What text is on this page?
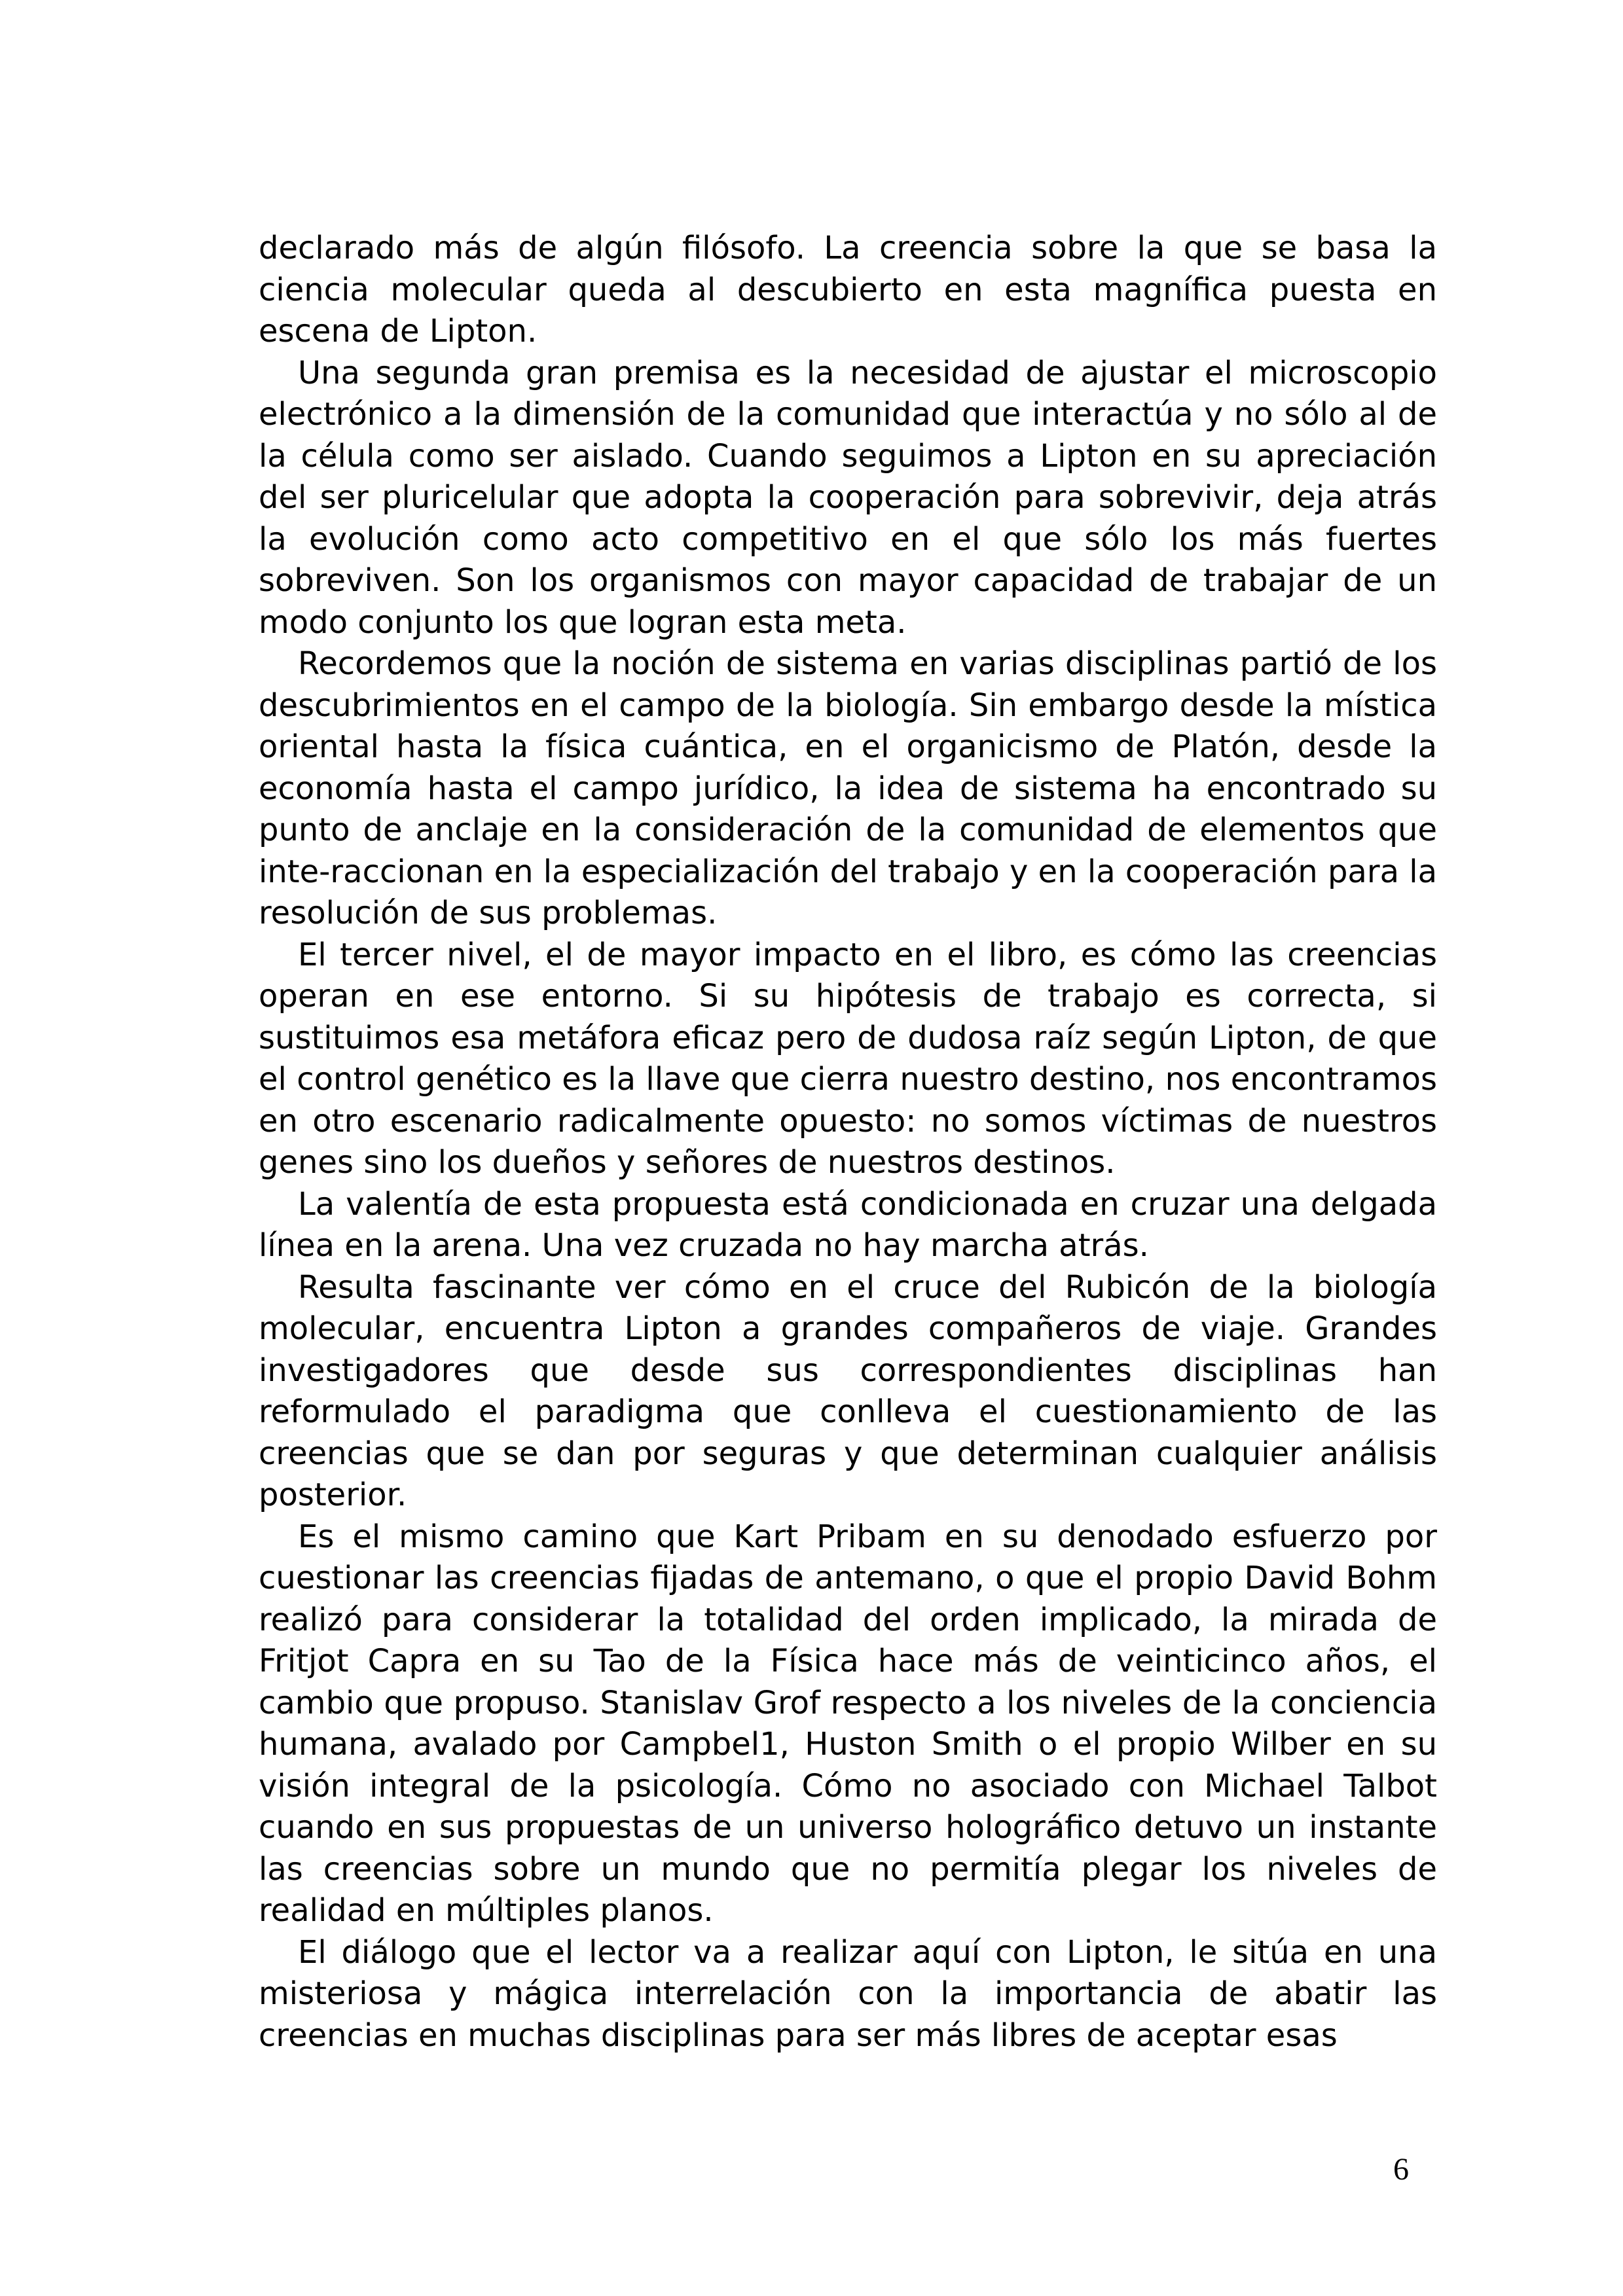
declarado más de algún filósofo. La creencia sobre la que se basa la ciencia molecular queda al descubierto en esta magnífica puesta en escena de Lipton.

Una segunda gran premisa es la necesidad de ajustar el microscopio electrónico a la dimensión de la comunidad que interactúa y no sólo al de la célula como ser aislado. Cuando seguimos a Lipton en su apreciación del ser pluricelular que adopta la cooperación para sobrevivir, deja atrás la evolución como acto competitivo en el que sólo los más fuertes sobreviven. Son los organismos con mayor capacidad de trabajar de un modo conjunto los que logran esta meta.

Recordemos que la noción de sistema en varias disciplinas partió de los descubrimientos en el campo de la biología. Sin embargo desde la mística oriental hasta la física cuántica, en el organicismo de Platón, desde la economía hasta el campo jurídico, la idea de sistema ha encontrado su punto de anclaje en la consideración de la comunidad de elementos que inte-raccionan en la especialización del trabajo y en la cooperación para la resolución de sus problemas.

El tercer nivel, el de mayor impacto en el libro, es cómo las creencias operan en ese entorno. Si su hipótesis de trabajo es correcta, si sustituimos esa metáfora eficaz pero de dudosa raíz según Lipton, de que el control genético es la llave que cierra nuestro destino, nos encontramos en otro escenario radicalmente opuesto: no somos víctimas de nuestros genes sino los dueños y señores de nuestros destinos.

La valentía de esta propuesta está condicionada en cruzar una delgada línea en la arena. Una vez cruzada no hay marcha atrás.

Resulta fascinante ver cómo en el cruce del Rubicón de la biología molecular, encuentra Lipton a grandes compañeros de viaje. Grandes investigadores que desde sus correspondientes disciplinas han reformulado el paradigma que conlleva el cuestionamiento de las creencias que se dan por seguras y que determinan cualquier análisis posterior.

Es el mismo camino que Kart Pribam en su denodado esfuerzo por cuestionar las creencias fijadas de antemano, o que el propio David Bohm realizó para considerar la totalidad del orden implicado, la mirada de Fritjot Capra en su Tao de la Física hace más de veinticinco años, el cambio que propuso. Stanislav Grof respecto a los niveles de la conciencia humana, avalado por Campbel1, Huston Smith o el propio Wilber en su visión integral de la psicología. Cómo no asociado con Michael Talbot cuando en sus propuestas de un universo holográfico detuvo un instante las creencias sobre un mundo que no permitía plegar los niveles de realidad en múltiples planos.

El diálogo que el lector va a realizar aquí con Lipton, le sitúa en una misteriosa y mágica interrelación con la importancia de abatir las creencias en muchas disciplinas para ser más libres de aceptar esas

6
